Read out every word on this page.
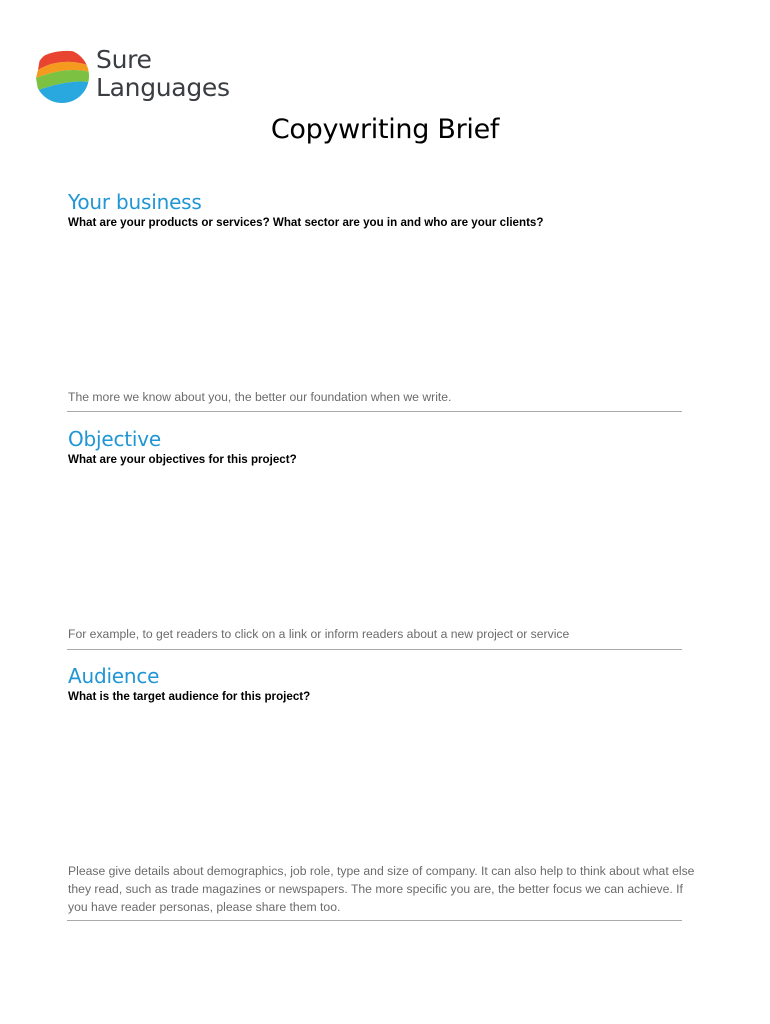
Sure
Languages
Copywriting Brief
Your business
What are your products or services? What sector are you in and who are your clients?
The more we know about you, the better our foundation when we write.
Objective
What are your objectives for this project?
For example, to get readers to click on a link or inform readers about a new project or service
Audience
What is the target audience for this project?
Please give details about demographics, job role, type and size of company. It can also help to think about what else they read, such as trade magazines or newspapers. The more specific you are, the better focus we can achieve. If you have reader personas, please share them too.
